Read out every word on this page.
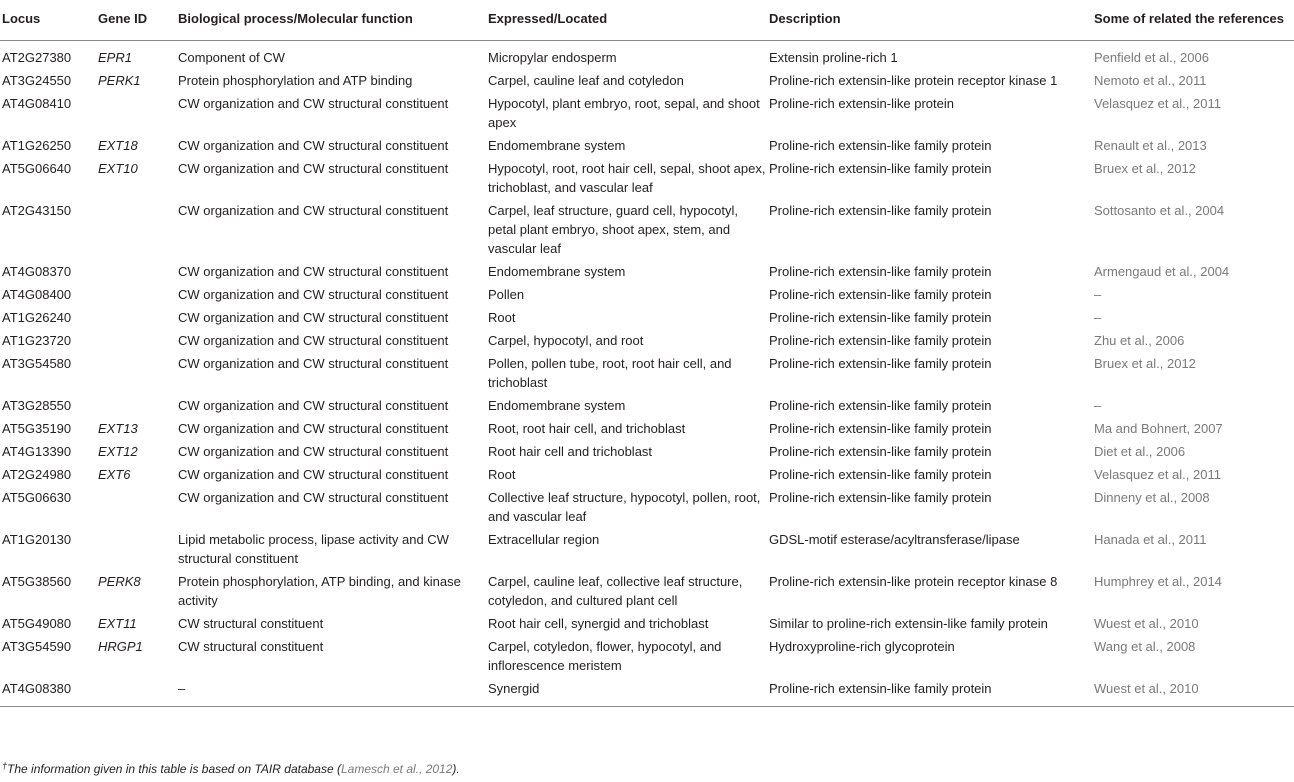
Locus	Gene ID	Biological process/Molecular function	Expressed/Located	Description	Some of related the references

AT2G27380	EPR1	Component of CW	Micropylar endosperm	Extensin proline-rich 1	Penfield et al., 2006

AT3G24550	PERK1	Protein phosphorylation and ATP binding	Carpel, cauline leaf and cotyledon	Proline-rich extensin-like protein receptor kinase 1	Nemoto et al., 2011

AT4G08410		CW organization and CW structural constituent	Hypocotyl, plant embryo, root, sepal, and shoot apex	Proline-rich extensin-like protein	Velasquez et al., 2011

AT1G26250	EXT18	CW organization and CW structural constituent	Endomembrane system	Proline-rich extensin-like family protein	Renault et al., 2013

AT5G06640	EXT10	CW organization and CW structural constituent	Hypocotyl, root, root hair cell, sepal, shoot apex, trichoblast, and vascular leaf	Proline-rich extensin-like family protein	Bruex et al., 2012

AT2G43150		CW organization and CW structural constituent	Carpel, leaf structure, guard cell, hypocotyl, petal plant embryo, shoot apex, stem, and vascular leaf	Proline-rich extensin-like family protein	Sottosanto et al., 2004

AT4G08370		CW organization and CW structural constituent	Endomembrane system	Proline-rich extensin-like family protein	Armengaud et al., 2004

AT4G08400		CW organization and CW structural constituent	Pollen	Proline-rich extensin-like family protein	–

AT1G26240		CW organization and CW structural constituent	Root	Proline-rich extensin-like family protein	–

AT1G23720		CW organization and CW structural constituent	Carpel, hypocotyl, and root	Proline-rich extensin-like family protein	Zhu et al., 2006

AT3G54580		CW organization and CW structural constituent	Pollen, pollen tube, root, root hair cell, and trichoblast	Proline-rich extensin-like family protein	Bruex et al., 2012

AT3G28550		CW organization and CW structural constituent	Endomembrane system	Proline-rich extensin-like family protein	–

AT5G35190	EXT13	CW organization and CW structural constituent	Root, root hair cell, and trichoblast	Proline-rich extensin-like family protein	Ma and Bohnert, 2007

AT4G13390	EXT12	CW organization and CW structural constituent	Root hair cell and trichoblast	Proline-rich extensin-like family protein	Diet et al., 2006

AT2G24980	EXT6	CW organization and CW structural constituent	Root	Proline-rich extensin-like family protein	Velasquez et al., 2011

AT5G06630		CW organization and CW structural constituent	Collective leaf structure, hypocotyl, pollen, root, and vascular leaf	Proline-rich extensin-like family protein	Dinneny et al., 2008

AT1G20130		Lipid metabolic process, lipase activity and CW structural constituent	Extracellular region	GDSL-motif esterase/acyltransferase/lipase	Hanada et al., 2011

AT5G38560	PERK8	Protein phosphorylation, ATP binding, and kinase activity	Carpel, cauline leaf, collective leaf structure, cotyledon, and cultured plant cell	Proline-rich extensin-like protein receptor kinase 8	Humphrey et al., 2014

AT5G49080	EXT11	CW structural constituent	Root hair cell, synergid and trichoblast	Similar to proline-rich extensin-like family protein	Wuest et al., 2010

AT3G54590	HRGP1	CW structural constituent	Carpel, cotyledon, flower, hypocotyl, and inflorescence meristem	Hydroxyproline-rich glycoprotein	Wang et al., 2008

AT4G08380		–	Synergid	Proline-rich extensin-like family protein	Wuest et al., 2010
†The information given in this table is based on TAIR database (Lamesch et al., 2012).
